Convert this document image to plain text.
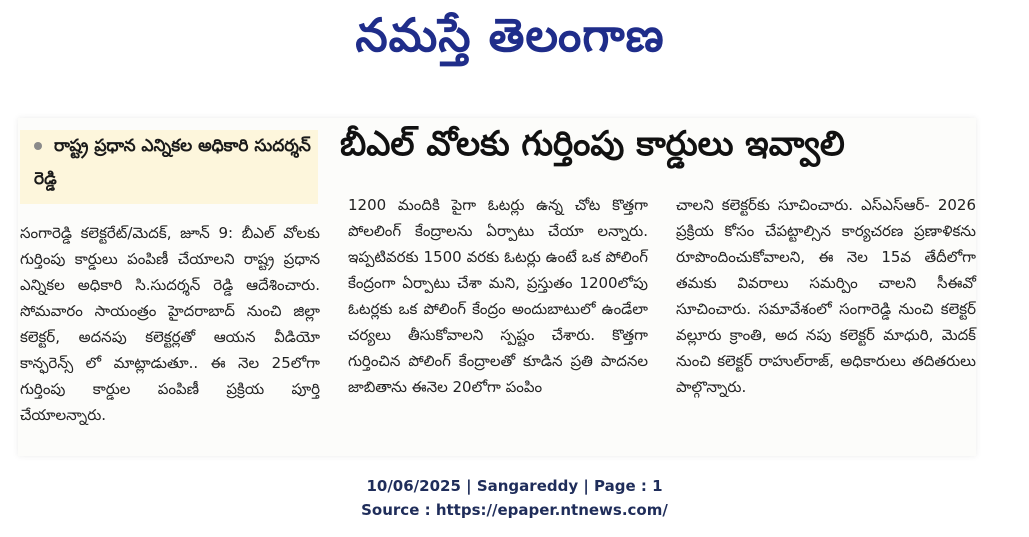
నమస్తే తెలంగాణ
రాష్ట్ర ప్రధాన ఎన్నికల అధికారి సుదర్శన్ రెడ్డి
బీఎల్ వోలకు గుర్తింపు కార్డులు ఇవ్వాలి
సంగారెడ్డి కలెక్టరేట్/మెదక్, జూన్ 9: బీఎల్ వోలకు గుర్తింపు కార్డులు పంపిణీ చేయాలని రాష్ట్ర ప్రధాన ఎన్నికల అధికారి సి.సుదర్శన్ రెడ్డి ఆదేశించారు. సోమవారం సాయంత్రం హైదరాబాద్ నుంచి జిల్లా కలెక్టర్, అదనపు కలెక్టర్లతో ఆయన వీడియో కాన్ఫరెన్స్ లో మాట్లాడుతూ.. ఈ నెల 25లోగా గుర్తింపు కార్డుల పంపిణీ ప్రక్రియ పూర్తి చేయాలన్నారు.
1200 మందికి పైగా ఓటర్లు ఉన్న చోట కొత్తగా పోలలింగ్ కేంద్రాలను ఏర్పాటు చేయా లన్నారు. ఇప్పటివరకు 1500 వరకు ఓటర్లు ఉంటే ఒక పోలింగ్ కేంద్రంగా ఏర్పాటు చేశా మని, ప్రస్తుతం 1200లోపు ఓటర్లకు ఒక పోలింగ్ కేంద్రం అందుబాటులో ఉండేలా చర్యలు తీసుకోవాలని స్పష్టం చేశారు. కొత్తగా గుర్తించిన పోలింగ్ కేంద్రాలతో కూడిన ప్రతి పాదనల జాబితాను ఈనెల 20లోగా పంపిం
చాలని కలెక్టర్‌కు సూచించారు. ఎస్ఎస్ఆర్- 2026 ప్రక్రియ కోసం చేపట్టాల్సిన కార్యచరణ ప్రణాళికను రూపొందించుకోవాలని, ఈ నెల 15వ తేదీలోగా తమకు వివరాలు సమర్పిం చాలని సీఈవో సూచించారు. సమావేశంలో సంగారెడ్డి నుంచి కలెక్టర్ వల్లూరు క్రాంతి, అద నపు కలెక్టర్ మాధురి, మెదక్ నుంచి కలెక్టర్ రాహుల్‌రాజ్, అధికారులు తదితరులు పాల్గొన్నారు.
10/06/2025 | Sangareddy | Page : 1
Source : https://epaper.ntnews.com/
